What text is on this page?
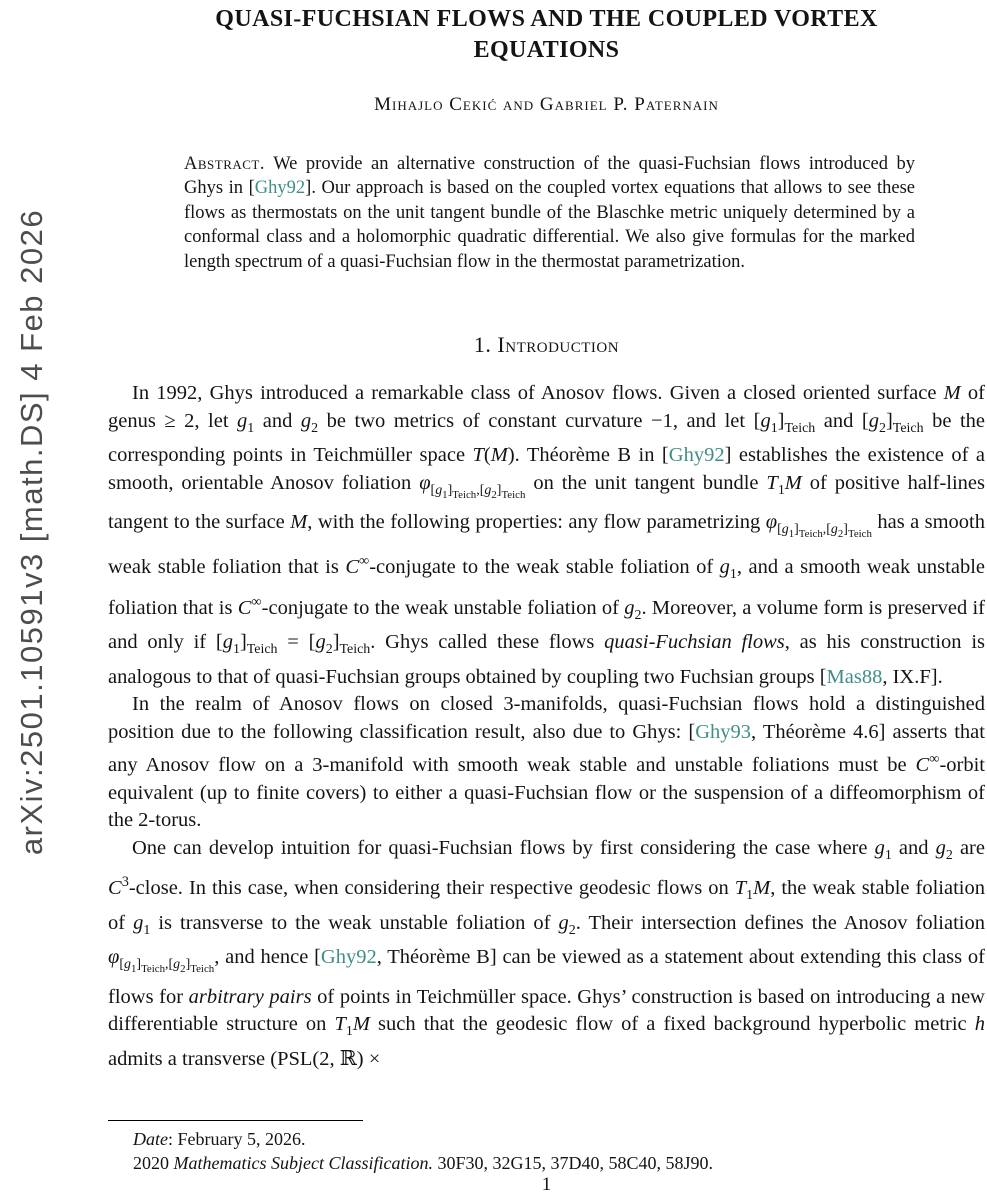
arXiv:2501.10591v3 [math.DS] 4 Feb 2026
QUASI-FUCHSIAN FLOWS AND THE COUPLED VORTEX EQUATIONS
Mihajlo Cekić and Gabriel P. Paternain
Abstract. We provide an alternative construction of the quasi-Fuchsian flows introduced by Ghys in [Ghy92]. Our approach is based on the coupled vortex equations that allows to see these flows as thermostats on the unit tangent bundle of the Blaschke metric uniquely determined by a conformal class and a holomorphic quadratic differential. We also give formulas for the marked length spectrum of a quasi-Fuchsian flow in the thermostat parametrization.
1. Introduction

In 1992, Ghys introduced a remarkable class of Anosov flows. Given a closed oriented surface M of genus ≥ 2, let $g_1$ and $g_2$ be two metrics of constant curvature −1, and let $[g_1]_{Teich}$ and $[g_2]_{Teich}$ be the corresponding points in Teichmüller space T(M). Théorème B in [Ghy92] establishes the existence of a smooth, orientable Anosov foliation $\varphi_{[g_1]_{Teich},[g_2]_{Teich}}$ on the unit tangent bundle $T_1M$ of positive half-lines tangent to the surface M, with the following properties: any flow parametrizing $\varphi_{[g_1]_{Teich},[g_2]_{Teich}}$ has a smooth weak stable foliation that is C∞-conjugate to the weak stable foliation of $g_1$, and a smooth weak unstable foliation that is C∞-conjugate to the weak unstable foliation of $g_2$. Moreover, a volume form is preserved if and only if $[g_1]_{Teich} = [g_2]_{Teich}$. Ghys called these flows quasi-Fuchsian flows, as his construction is analogous to that of quasi-Fuchsian groups obtained by coupling two Fuchsian groups [Mas88, IX.F].

In the realm of Anosov flows on closed 3-manifolds, quasi-Fuchsian flows hold a distinguished position due to the following classification result, also due to Ghys: [Ghy93, Théorème 4.6] asserts that any Anosov flow on a 3-manifold with smooth weak stable and unstable foliations must be C∞-orbit equivalent (up to finite covers) to either a quasi-Fuchsian flow or the suspension of a diffeomorphism of the 2-torus.

One can develop intuition for quasi-Fuchsian flows by first considering the case where $g_1$ and $g_2$ are $C^3$-close. In this case, when considering their respective geodesic flows on $T_1M$, the weak stable foliation of $g_1$ is transverse to the weak unstable foliation of $g_2$. Their intersection defines the Anosov foliation $\varphi_{[g_1]_{Teich},[g_2]_{Teich}}$, and hence [Ghy92, Théorème B] can be viewed as a statement about extending this class of flows for arbitrary pairs of points in Teichmüller space. Ghys’ construction is based on introducing a new differentiable structure on $T_1M$ such that the geodesic flow of a fixed background hyperbolic metric h admits a transverse (PSL(2, ℝ) ×

Date: February 5, 2026.

2020 Mathematics Subject Classification. 30F30, 32G15, 37D40, 58C40, 58J90.

1
